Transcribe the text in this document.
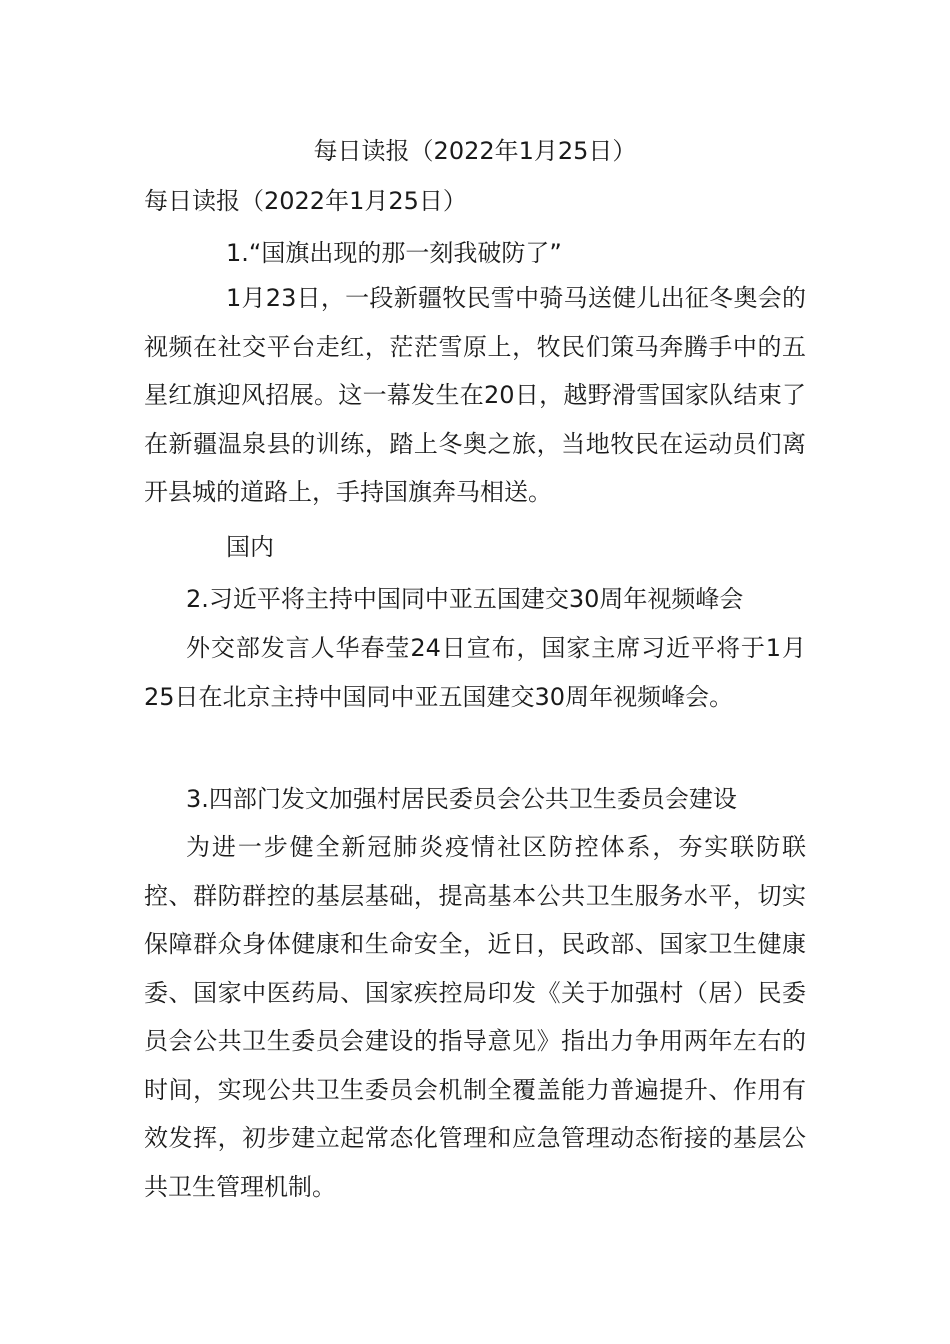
每日读报（2022年1月25日）
每日读报（2022年1月25日）
1.“国旗出现的那一刻我破防了”
1月23日，一段新疆牧民雪中骑马送健儿出征冬奥会的视频在社交平台走红，茫茫雪原上，牧民们策马奔腾手中的五星红旗迎风招展。这一幕发生在20日，越野滑雪国家队结束了在新疆温泉县的训练，踏上冬奥之旅，当地牧民在运动员们离开县城的道路上，手持国旗奔马相送。
国内
2.习近平将主持中国同中亚五国建交30周年视频峰会
外交部发言人华春莹24日宣布，国家主席习近平将于1月25日在北京主持中国同中亚五国建交30周年视频峰会。
3.四部门发文加强村居民委员会公共卫生委员会建设
为进一步健全新冠肺炎疫情社区防控体系，夯实联防联控、群防群控的基层基础，提高基本公共卫生服务水平，切实保障群众身体健康和生命安全，近日，民政部、国家卫生健康委、国家中医药局、国家疾控局印发《关于加强村（居）民委员会公共卫生委员会建设的指导意见》指出力争用两年左右的时间，实现公共卫生委员会机制全覆盖能力普遍提升、作用有效发挥，初步建立起常态化管理和应急管理动态衔接的基层公共卫生管理机制。
